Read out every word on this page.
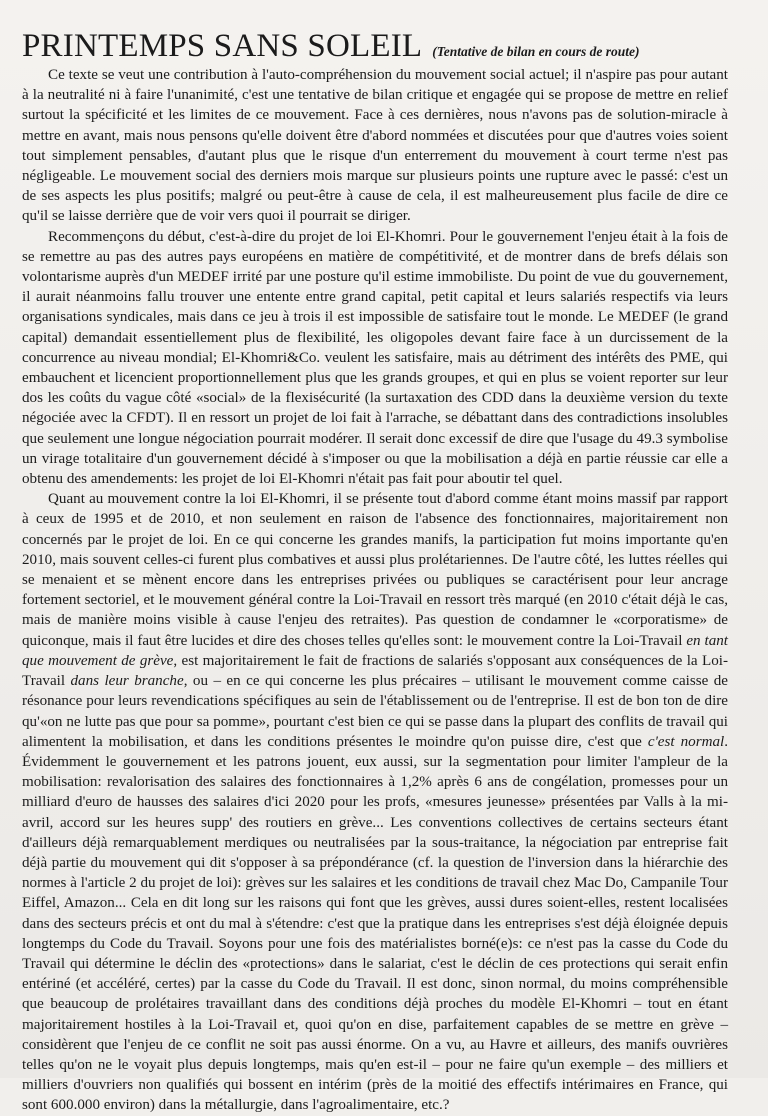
PRINTEMPS SANS SOLEIL (Tentative de bilan en cours de route)

Ce texte se veut une contribution à l'auto-compréhension du mouvement social actuel; il n'aspire pas pour autant à la neutralité ni à faire l'unanimité, c'est une tentative de bilan critique et engagée qui se propose de mettre en relief surtout la spécificité et les limites de ce mouvement. Face à ces dernières, nous n'avons pas de solution-miracle à mettre en avant, mais nous pensons qu'elle doivent être d'abord nommées et discutées pour que d'autres voies soient tout simplement pensables, d'autant plus que le risque d'un enterrement du mouvement à court terme n'est pas négligeable. Le mouvement social des derniers mois marque sur plusieurs points une rupture avec le passé: c'est un de ses aspects les plus positifs; malgré ou peut-être à cause de cela, il est malheureusement plus facile de dire ce qu'il se laisse derrière que de voir vers quoi il pourrait se diriger.

Recommençons du début, c'est-à-dire du projet de loi El-Khomri. Pour le gouvernement l'enjeu était à la fois de se remettre au pas des autres pays européens en matière de compétitivité, et de montrer dans de brefs délais son volontarisme auprès d'un MEDEF irrité par une posture qu'il estime immobiliste. Du point de vue du gouvernement, il aurait néanmoins fallu trouver une entente entre grand capital, petit capital et leurs salariés respectifs via leurs organisations syndicales, mais dans ce jeu à trois il est impossible de satisfaire tout le monde. Le MEDEF (le grand capital) demandait essentiellement plus de flexibilité, les oligopoles devant faire face à un durcissement de la concurrence au niveau mondial; El-Khomri&Co. veulent les satisfaire, mais au détriment des intérêts des PME, qui embauchent et licencient proportionnellement plus que les grands groupes, et qui en plus se voient reporter sur leur dos les coûts du vague côté «social» de la flexisécurité (la surtaxation des CDD dans la deuxième version du texte négociée avec la CFDT). Il en ressort un projet de loi fait à l'arrache, se débattant dans des contradictions insolubles que seulement une longue négociation pourrait modérer. Il serait donc excessif de dire que l'usage du 49.3 symbolise un virage totalitaire d'un gouvernement décidé à s'imposer ou que la mobilisation a déjà en partie réussie car elle a obtenu des amendements: les projet de loi El-Khomri n'était pas fait pour aboutir tel quel.

Quant au mouvement contre la loi El-Khomri, il se présente tout d'abord comme étant moins massif par rapport à ceux de 1995 et de 2010, et non seulement en raison de l'absence des fonctionnaires, majoritairement non concernés par le projet de loi. En ce qui concerne les grandes manifs, la participation fut moins importante qu'en 2010, mais souvent celles-ci furent plus combatives et aussi plus prolétariennes. De l'autre côté, les luttes réelles qui se menaient et se mènent encore dans les entreprises privées ou publiques se caractérisent pour leur ancrage fortement sectoriel, et le mouvement général contre la Loi-Travail en ressort très marqué (en 2010 c'était déjà le cas, mais de manière moins visible à cause l'enjeu des retraites). Pas question de condamner le «corporatisme» de quiconque, mais il faut être lucides et dire des choses telles qu'elles sont: le mouvement contre la Loi-Travail en tant que mouvement de grève, est majoritairement le fait de fractions de salariés s'opposant aux conséquences de la Loi-Travail dans leur branche, ou – en ce qui concerne les plus précaires – utilisant le mouvement comme caisse de résonance pour leurs revendications spécifiques au sein de l'établissement ou de l'entreprise. Il est de bon ton de dire qu'«on ne lutte pas que pour sa pomme», pourtant c'est bien ce qui se passe dans la plupart des conflits de travail qui alimentent la mobilisation, et dans les conditions présentes le moindre qu'on puisse dire, c'est que c'est normal. Évidemment le gouvernement et les patrons jouent, eux aussi, sur la segmentation pour limiter l'ampleur de la mobilisation: revalorisation des salaires des fonctionnaires à 1,2% après 6 ans de congélation, promesses pour un milliard d'euro de hausses des salaires d'ici 2020 pour les profs, «mesures jeunesse» présentées par Valls à la mi-avril, accord sur les heures supp' des routiers en grève... Les conventions collectives de certains secteurs étant d'ailleurs déjà remarquablement merdiques ou neutralisées par la sous-traitance, la négociation par entreprise fait déjà partie du mouvement qui dit s'opposer à sa prépondérance (cf. la question de l'inversion dans la hiérarchie des normes à l'article 2 du projet de loi): grèves sur les salaires et les conditions de travail chez Mac Do, Campanile Tour Eiffel, Amazon... Cela en dit long sur les raisons qui font que les grèves, aussi dures soient-elles, restent localisées dans des secteurs précis et ont du mal à s'étendre: c'est que la pratique dans les entreprises s'est déjà éloignée depuis longtemps du Code du Travail. Soyons pour une fois des matérialistes borné(e)s: ce n'est pas la casse du Code du Travail qui détermine le déclin des «protections» dans le salariat, c'est le déclin de ces protections qui serait enfin entériné (et accéléré, certes) par la casse du Code du Travail. Il est donc, sinon normal, du moins compréhensible que beaucoup de prolétaires travaillant dans des conditions déjà proches du modèle El-Khomri – tout en étant majoritairement hostiles à la Loi-Travail et, quoi qu'on en dise, parfaitement capables de se mettre en grève – considèrent que l'enjeu de ce conflit ne soit pas aussi énorme. On a vu, au Havre et ailleurs, des manifs ouvrières telles qu'on ne le voyait plus depuis longtemps, mais qu'en est-il – pour ne faire qu'un exemple – des milliers et milliers d'ouvriers non qualifiés qui bossent en intérim (près de la moitié des effectifs intérimaires en France, qui sont 600.000 environ) dans la métallurgie, dans l'agroalimentaire, etc.?
